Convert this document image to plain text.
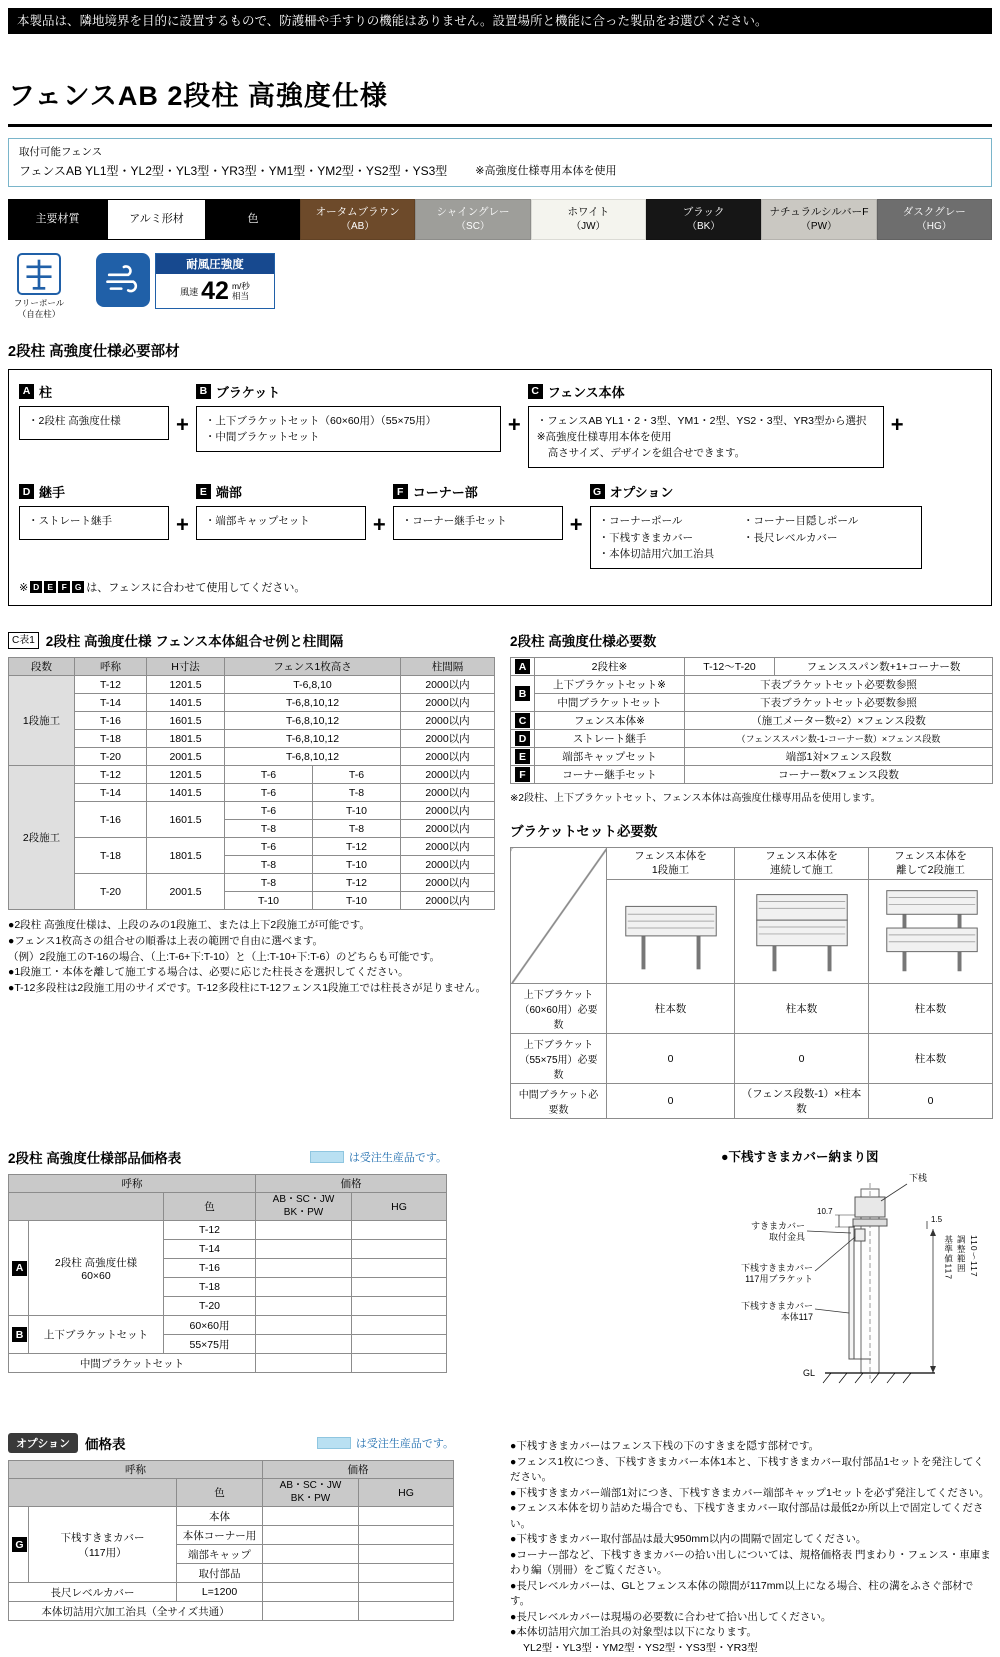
本製品は、隣地境界を目的に設置するもので、防護柵や手すりの機能はありません。設置場所と機能に合った製品をお選びください。
フェンスAB 2段柱 高強度仕様
取付可能フェンス
フェンスAB YL1型・YL2型・YL3型・YR3型・YM1型・YM2型・YS2型・YS3型	※高強度仕様専用本体を使用
主要材質	アルミ形材	色
オータムブラウン
（AB）
シャイングレー
（SC）
ホワイト
（JW）
ブラック
（BK）
ナチュラルシルバーF
（PW）
ダスクグレー
（HG）
フリーポール
（自在柱）
耐風圧強度
風速 42 m/秒
相当
2段柱 高強度仕様必要部材
A 柱
・2段柱 高強度仕様	+
B ブラケット
・上下ブラケットセット（60×60用）（55×75用）
・中間ブラケットセット
+
C フェンス本体
・フェンスAB YL1・2・3型、YM1・2型、YS2・3型、YR3型から選択
※高強度仕様専用本体を使用
高さサイズ、デザインを組合せできます。
+
D 継手
・ストレート継手	+
E 端部
・端部キャップセット	+
F コーナー部
・コーナー継手セット	+
G オプション
・コーナーポール	・コーナー目隠しポール
・下桟すきまカバー	・長尺レベルカバー
・本体切詰用穴加工治具
※ D E	F G は、フェンスに合わせて使用してください。
C表1 2段柱 高強度仕様 フェンス本体組合せ例と柱間隔
段数	呼称	H寸法	フェンス1枚高さ		柱間隔
1段施工	T-12	1201.5	T-6,8,10		2000以内
	T-14	1401.5	T-6,8,10,12		2000以内
	T-16	1601.5	T-6,8,10,12		2000以内
	T-18	1801.5	T-6,8,10,12		2000以内
	T-20	2001.5	T-6,8,10,12		2000以内
2段施工	T-12	1201.5	T-6	T-6	2000以内
	T-14	1401.5	T-6	T-8	2000以内
	T-16	1601.5	T-6	T-10	2000以内
			T-8	T-8	2000以内
	T-18	1801.5	T-6	T-12	2000以内
			T-8	T-10	2000以内
	T-20	2001.5	T-8	T-12	2000以内
			T-10	T-10	2000以内
●2段柱 高強度仕様は、上段のみの1段施工、または上下2段施工が可能です。
●フェンス1枚高さの組合せの順番は上表の範囲で自由に選べます。
（例）2段施工のT-16の場合、（上:T-6+下:T-10）と（上:T-10+下:T-6）のどちらも可能です。
●1段施工・本体を離して施工する場合は、必要に応じた柱長さを選択してください。
●T-12多段柱は2段施工用のサイズです。T-12多段柱にT-12フェンス1段施工では柱長さが足りません。
2段柱 高強度仕様必要数
A	2段柱※	T-12〜T-20	フェンススパン数+1+コーナー数
B	上下ブラケットセット※	下表ブラケットセット必要数参照	
	中間ブラケットセット	下表ブラケットセット必要数参照	
C	フェンス本体※	（施工メーター数÷2）×フェンス段数	
D	ストレート継手	（フェンススパン数-1-コーナー数）×フェンス段数	
E	端部キャップセット	端部1対×フェンス段数	
F	コーナー継手セット	コーナー数×フェンス段数	
※2段柱、上下ブラケットセット、フェンス本体は高強度仕様専用品を使用します。
ブラケットセット必要数

フェンス本体を
1段施工

フェンス本体を
連続して施工

フェンス本体を
離して2段施工

上下ブラケット（60×60用）必要数	柱本数	柱本数	柱本数
上下ブラケット（55×75用）必要数	0	0	柱本数
中間ブラケット必要数	0	（フェンス段数-1）×柱本数	0
2段柱 高強度仕様部品価格表	は受注生産品です。
呼称			価格	
		色	AB・SC・JW
BK・PW	HG
A	2段柱 高強度仕様
60×60	T-12		
		T-14		
		T-16		
		T-18		
		T-20		
B	上下ブラケットセット	60×60用		
		55×75用		
中間ブラケットセット				
●下桟すきまカバー納まり図
下桟
10.7
すきまカバー
取付金具
下桟すきまカバー
117用ブラケット
下桟すきまカバー
本体117
1.5
基準値117 調整範囲 110〜117
GL
オプション	価格表	は受注生産品です。
呼称			価格	
		色	AB・SC・JW
BK・PW	HG
G	下桟すきまカバー
（117用）	本体		
		本体コーナー用		
		端部キャップ		
		取付部品		
長尺レベルカバー		L=1200		
本体切詰用穴加工治具（全サイズ共通）				
●下桟すきまカバーはフェンス下桟の下のすきまを隠す部材です。
●フェンス1枚につき、下桟すきまカバー本体1本と、下桟すきまカバー取付部品1セットを発注してください。
●下桟すきまカバー端部1対につき、下桟すきまカバー端部キャップ1セットを必ず発注してください。
●フェンス本体を切り詰めた場合でも、下桟すきまカバー取付部品は最低2か所以上で固定してください。
●下桟すきまカバー取付部品は最大950mm以内の間隔で固定してください。
●コーナー部など、下桟すきまカバーの拾い出しについては、規格価格表 門まわり・フェンス・車庫まわり編（別冊）をご覧ください。
●長尺レベルカバーは、GLとフェンス本体の隙間が117mm以上になる場合、柱の溝をふさぐ部材です。
●長尺レベルカバーは現場の必要数に合わせて拾い出してください。
●本体切詰用穴加工治具の対象型は以下になります。
YL2型・YL3型・YM2型・YS2型・YS3型・YR3型
